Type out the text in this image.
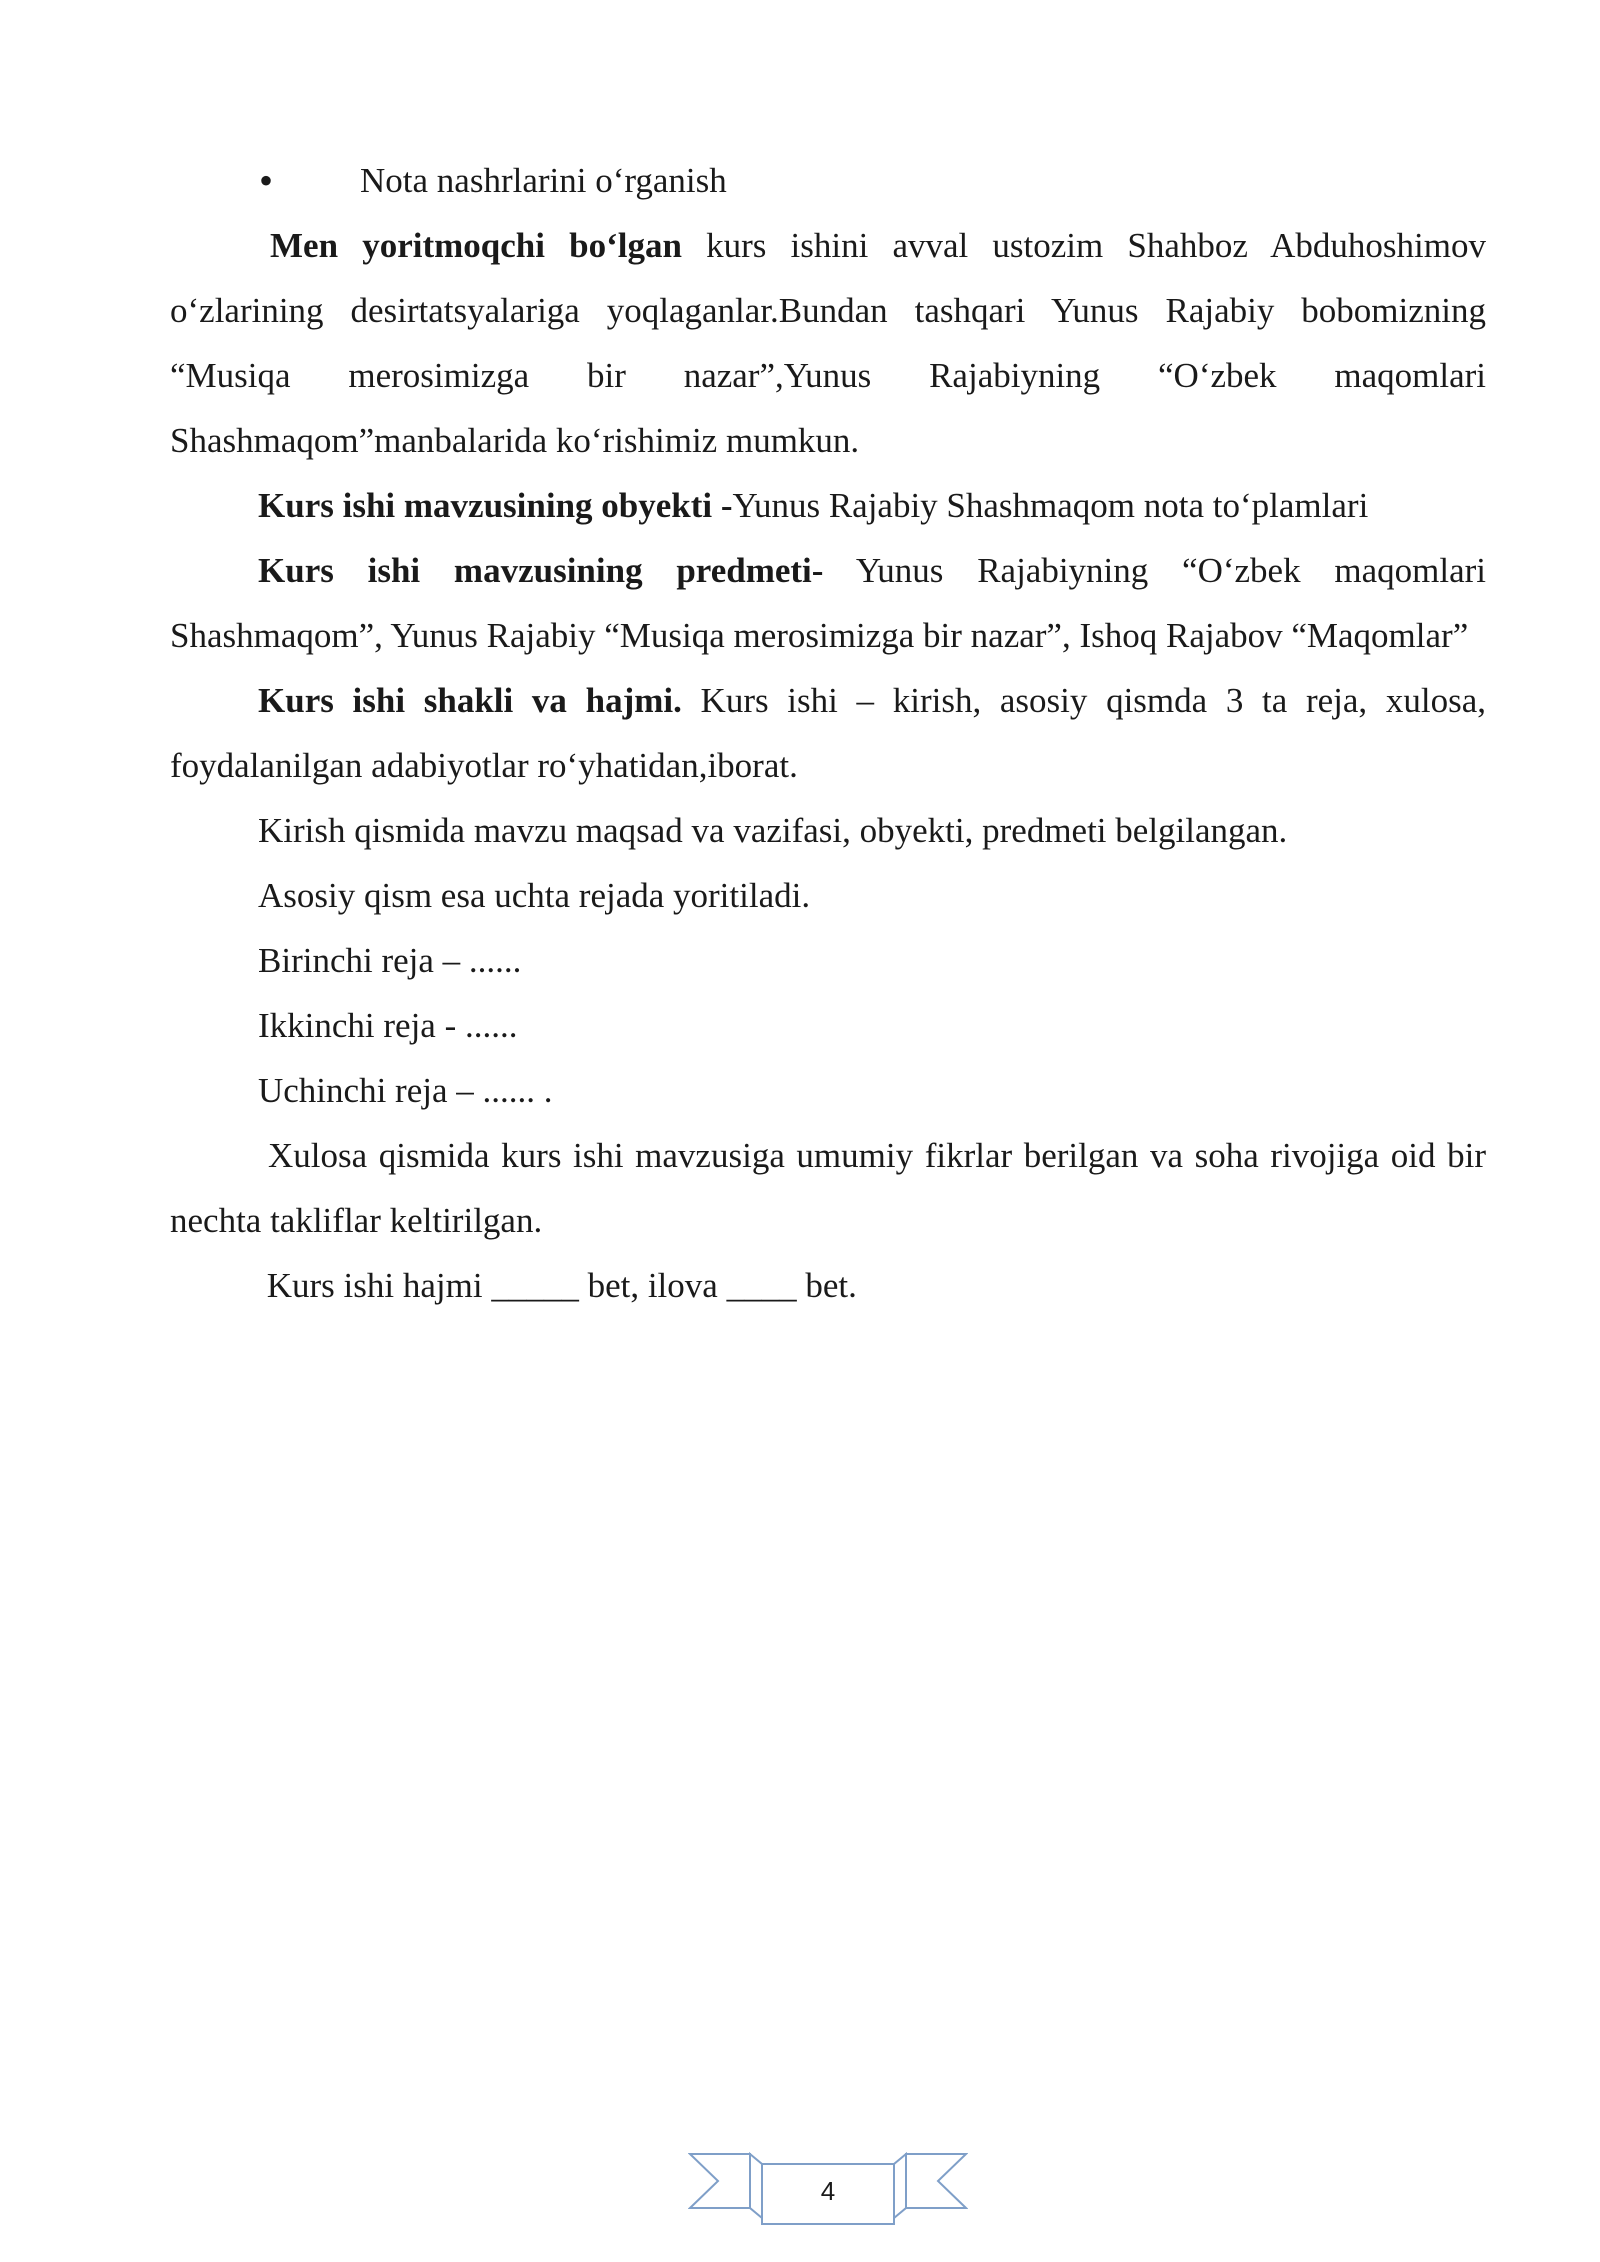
• Nota nashrlarini o‘rganish

Men yoritmoqchi bo‘lgan kurs ishini avval ustozim Shahboz Abduhoshimov o‘zlarining desirtatsyalariga yoqlaganlar.Bundan tashqari Yunus Rajabiy bobomizning “Musiqa merosimizga bir nazar”,Yunus Rajabiyning “O‘zbek maqomlari Shashmaqom”manbalarida ko‘rishimiz mumkun.

Kurs ishi mavzusining obyekti -Yunus Rajabiy Shashmaqom nota to‘plamlari

Kurs ishi mavzusining predmeti- Yunus Rajabiyning “O‘zbek maqomlari Shashmaqom”, Yunus Rajabiy “Musiqa merosimizga bir nazar”, Ishoq Rajabov “Maqomlar”

Kurs ishi shakli va hajmi. Kurs ishi – kirish, asosiy qismda 3 ta reja, xulosa, foydalanilgan adabiyotlar ro‘yhatidan,iborat.

Kirish qismida mavzu maqsad va vazifasi, obyekti, predmeti belgilangan.

Asosiy qism esa uchta rejada yoritiladi.

Birinchi reja – ......

Ikkinchi reja - ......

Uchinchi reja – ...... .

Xulosa qismida kurs ishi mavzusiga umumiy fikrlar berilgan va soha rivojiga oid bir nechta takliflar keltirilgan.

Kurs ishi hajmi _____ bet, ilova ____ bet.

4
